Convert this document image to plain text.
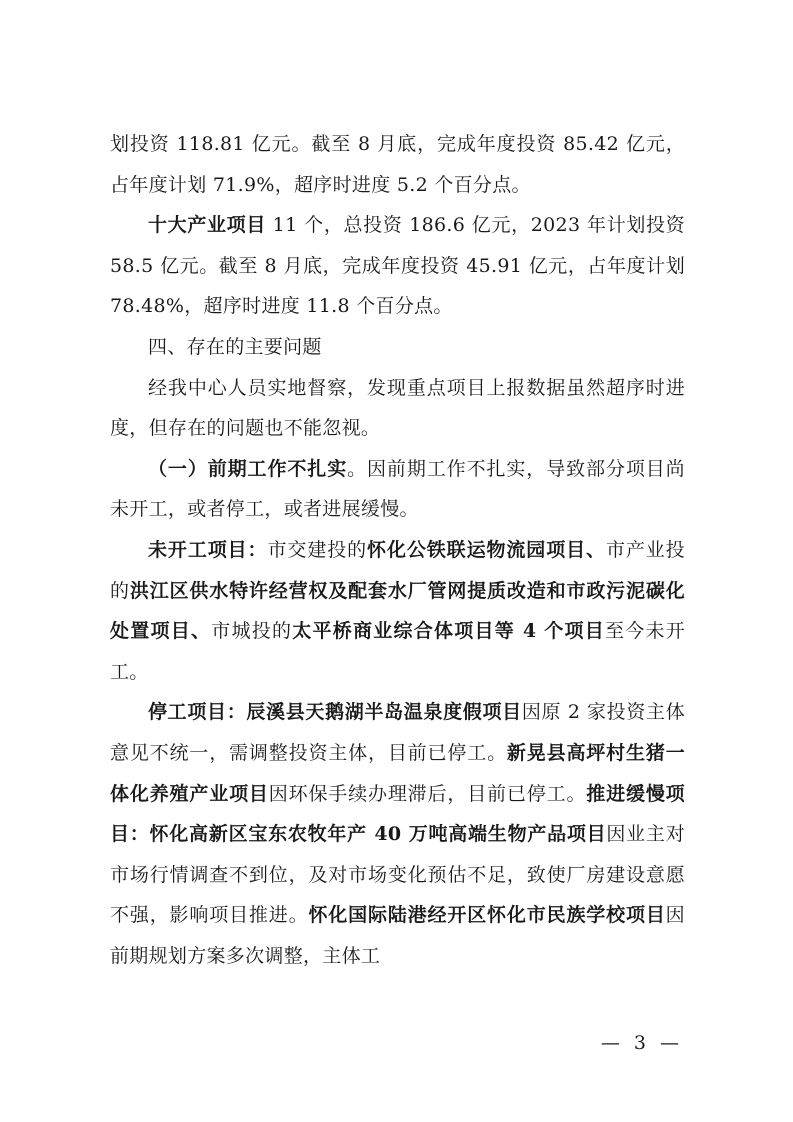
划投资 118.81 亿元。截至 8 月底，完成年度投资 85.42 亿元，占年度计划 71.9%，超序时进度 5.2 个百分点。

十大产业项目 11 个，总投资 186.6 亿元，2023 年计划投资 58.5 亿元。截至 8 月底，完成年度投资 45.91 亿元，占年度计划 78.48%，超序时进度 11.8 个百分点。

四、存在的主要问题

经我中心人员实地督察，发现重点项目上报数据虽然超序时进度，但存在的问题也不能忽视。

（一）前期工作不扎实。因前期工作不扎实，导致部分项目尚未开工，或者停工，或者进展缓慢。

未开工项目：市交建投的怀化公铁联运物流园项目、市产业投的洪江区供水特许经营权及配套水厂管网提质改造和市政污泥碳化处置项目、市城投的太平桥商业综合体项目等 4 个项目至今未开工。

停工项目：辰溪县天鹅湖半岛温泉度假项目因原 2 家投资主体意见不统一，需调整投资主体，目前已停工。新晃县高坪村生猪一体化养殖产业项目因环保手续办理滞后，目前已停工。推进缓慢项目：怀化高新区宝东农牧年产 40 万吨高端生物产品项目因业主对市场行情调查不到位，及对市场变化预估不足，致使厂房建设意愿不强，影响项目推进。怀化国际陆港经开区怀化市民族学校项目因前期规划方案多次调整，主体工

— 3 —
